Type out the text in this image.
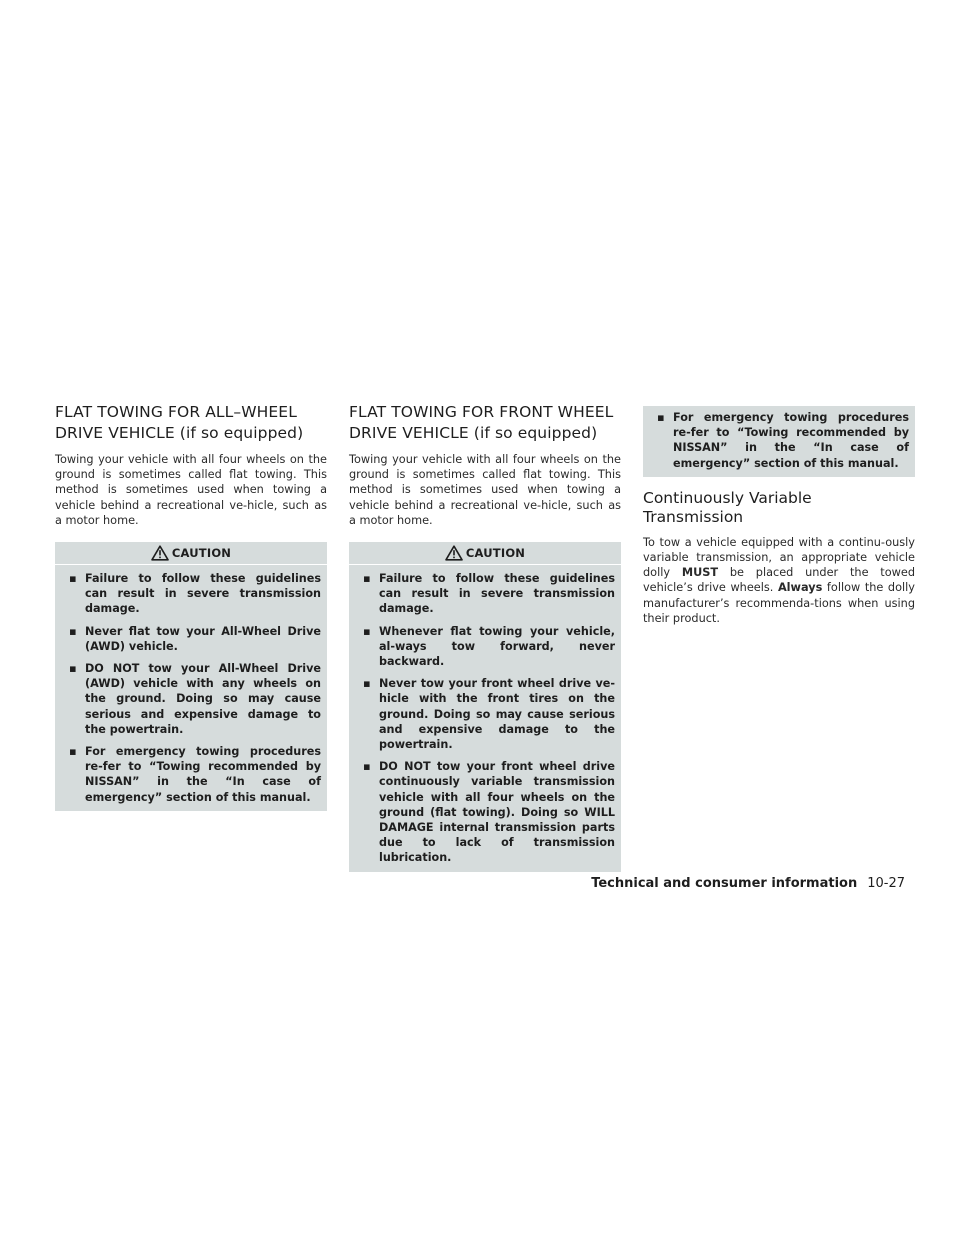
FLAT TOWING FOR ALL–WHEEL
DRIVE VEHICLE (if so equipped)

Towing your vehicle with all four wheels on the ground is sometimes called flat towing. This method is sometimes used when towing a vehicle behind a recreational ve-hicle, such as a motor home.

CAUTION
▪ Failure to follow these guidelines can result in severe transmission damage.
▪ Never flat tow your All-Wheel Drive (AWD) vehicle.
▪ DO NOT tow your All-Wheel Drive (AWD) vehicle with any wheels on the ground. Doing so may cause serious and expensive damage to the powertrain.
▪ For emergency towing procedures re-fer to “Towing recommended by NISSAN” in the “In case of emergency” section of this manual.
FLAT TOWING FOR FRONT WHEEL
DRIVE VEHICLE (if so equipped)

Towing your vehicle with all four wheels on the ground is sometimes called flat towing. This method is sometimes used when towing a vehicle behind a recreational ve-hicle, such as a motor home.

CAUTION
▪ Failure to follow these guidelines can result in severe transmission damage.
▪ Whenever flat towing your vehicle, al-ways tow forward, never backward.
▪ Never tow your front wheel drive ve-hicle with the front tires on the ground. Doing so may cause serious and expensive damage to the powertrain.
▪ DO NOT tow your front wheel drive continuously variable transmission vehicle with all four wheels on the ground (flat towing). Doing so WILL DAMAGE internal transmission parts due to lack of transmission lubrication.
▪ For emergency towing procedures re-fer to “Towing recommended by NISSAN” in the “In case of emergency” section of this manual.
Continuously Variable
Transmission

To tow a vehicle equipped with a continu-ously variable transmission, an appropriate vehicle dolly MUST be placed under the towed vehicle’s drive wheels. Always follow the dolly manufacturer’s recommenda-tions when using their product.

Technical and consumer information 10-27
